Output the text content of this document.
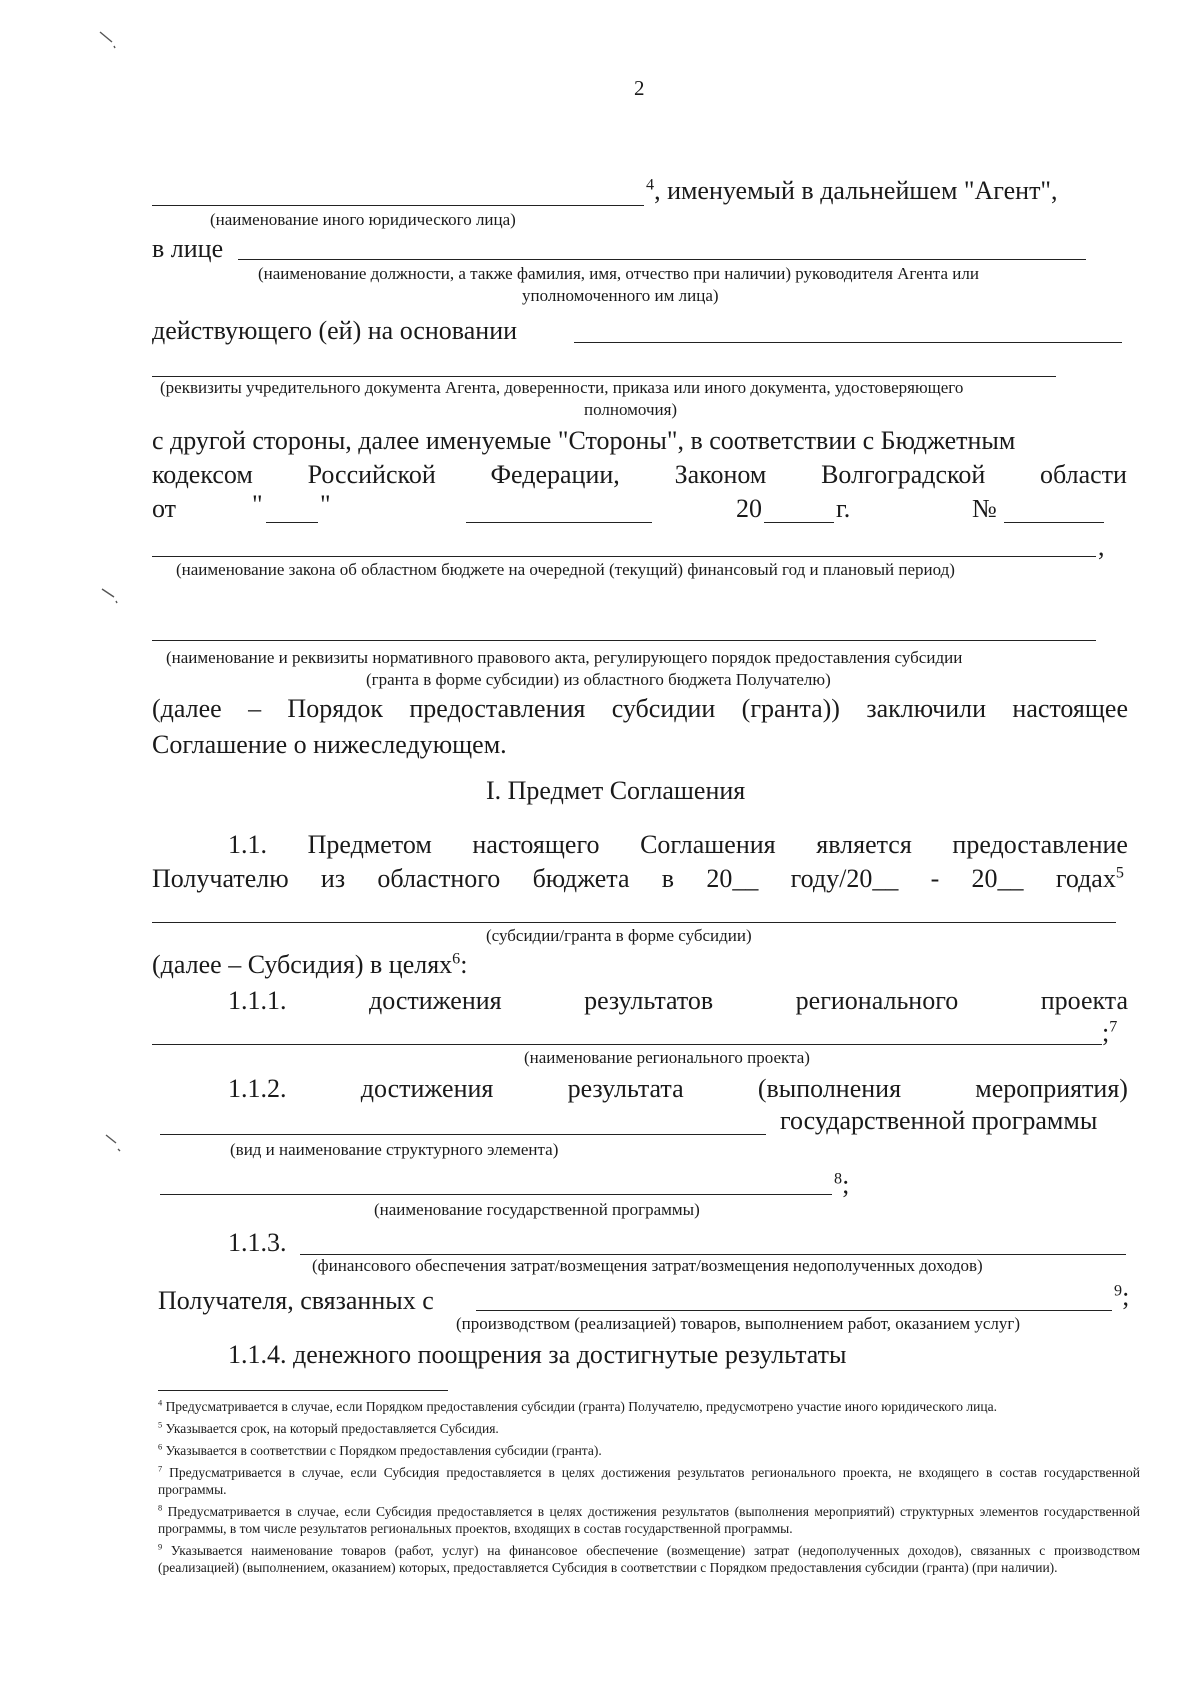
2
$^4$, именуемый в дальнейшем "Агент",
(наименование иного юридического лица)
в лице
(наименование должности, а также фамилия, имя, отчество при наличии) руководителя Агента или
уполномоченного им лица)
действующего (ей) на основании
(реквизиты учредительного документа Агента, доверенности, приказа или иного документа, удостоверяющего
полномочия)
с другой стороны, далее именуемые "Стороны", в соответствии с Бюджетным
кодексом Российской Федерации, Законом Волгоградской области
от	" "	20	г.	№
,
(наименование закона об областном бюджете на очередной (текущий) финансовый год и плановый период)
(наименование и реквизиты нормативного правового акта, регулирующего порядок предоставления субсидии
(гранта в форме субсидии) из областного бюджета Получателю)
(далее – Порядок предоставления субсидии (гранта)) заключили настоящее
Соглашение о нижеследующем.
I. Предмет Соглашения
1.1. Предметом настоящего Соглашения является предоставление
Получателю из областного бюджета в 20__ году/20__ - 20__ годах$^5$
(субсидии/гранта в форме субсидии)
(далее – Субсидия) в целях$^6$:
1.1.1.	достижения	результатов	регионального	проекта
;$^7$
(наименование регионального проекта)
1.1.2.	достижения	результата	(выполнения	мероприятия)
государственной программы
(вид и наименование структурного элемента)
$^8$;
(наименование государственной программы)
1.1.3.
(финансового обеспечения затрат/возмещения затрат/возмещения недополученных доходов)
Получателя, связанных с	$^9$;
(производством (реализацией) товаров, выполнением работ, оказанием услуг)
1.1.4. денежного поощрения за достигнутые результаты
$^4$ Предусматривается в случае, если Порядком предоставления субсидии (гранта) Получателю, предусмотрено участие иного юридического лица.
$^5$ Указывается срок, на который предоставляется Субсидия.
$^6$ Указывается в соответствии с Порядком предоставления субсидии (гранта).
$^7$ Предусматривается в случае, если Субсидия предоставляется в целях достижения результатов регионального проекта, не входящего в состав государственной программы.
$^8$ Предусматривается в случае, если Субсидия предоставляется в целях достижения результатов (выполнения мероприятий) структурных элементов государственной программы, в том числе результатов региональных проектов, входящих в состав государственной программы.
$^9$ Указывается наименование товаров (работ, услуг) на финансовое обеспечение (возмещение) затрат (недополученных доходов), связанных с производством (реализацией) (выполнением, оказанием) которых, предоставляется Субсидия в соответствии с Порядком предоставления субсидии (гранта) (при наличии).
